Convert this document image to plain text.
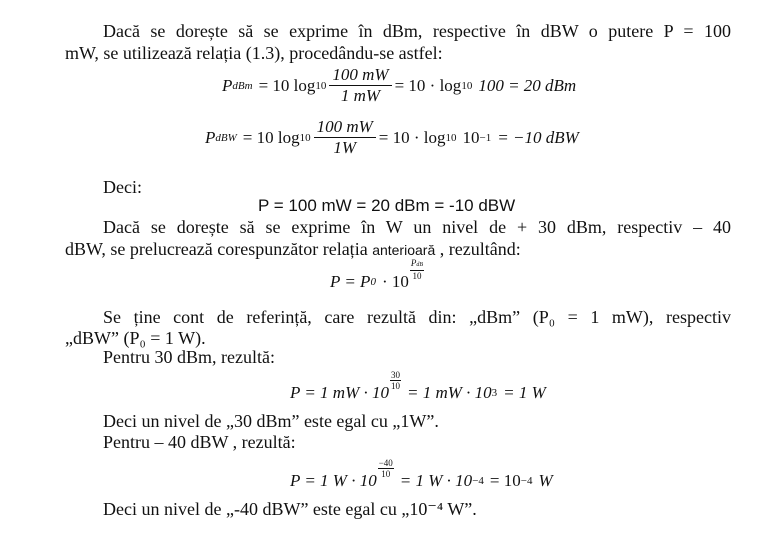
Dacă se dorește să se exprime în dBm, respective în dBW o putere P = 100
mW, se utilizează relația (1.3), procedându-se astfel:
P dBm = 10 $\log 10 \frac{100 mW}{1 mW} = 10 \cdot \log 10$ 100 = 20 dBm
P dBW = 10 $\log 10 \frac{100 mW}{1W} = 10 \cdot \log 10$ 10 −1 = −10 dBW
Deci:
P = 100 mW = 20 dBm = -10 dBW
Dacă se dorește să se exprime în W un nivel de + 30 dBm, respectiv – 40
dBW, se prelucrează corespunzător relația anterioară , rezultând:
P = P 0 · 10
PdB
10
Se ține cont de referință, care rezultă din: „dBm” (P₀ = 1 mW), respectiv
„dBW” (P₀ = 1 W).
Pentru 30 dBm, rezultă:
P = 1 mW · 10
$\frac{30}{10}$
= 1 mW · 10 3 = 1 W
Deci un nivel de „30 dBm” este egal cu „1W”.
Pentru – 40 dBW , rezultă:
P = 1 W · 10
$\frac{-40}{10}$
= 1 W · 10 −4 = 10 −4 W
Deci un nivel de „-40 dBW” este egal cu „10⁻⁴ W”.
